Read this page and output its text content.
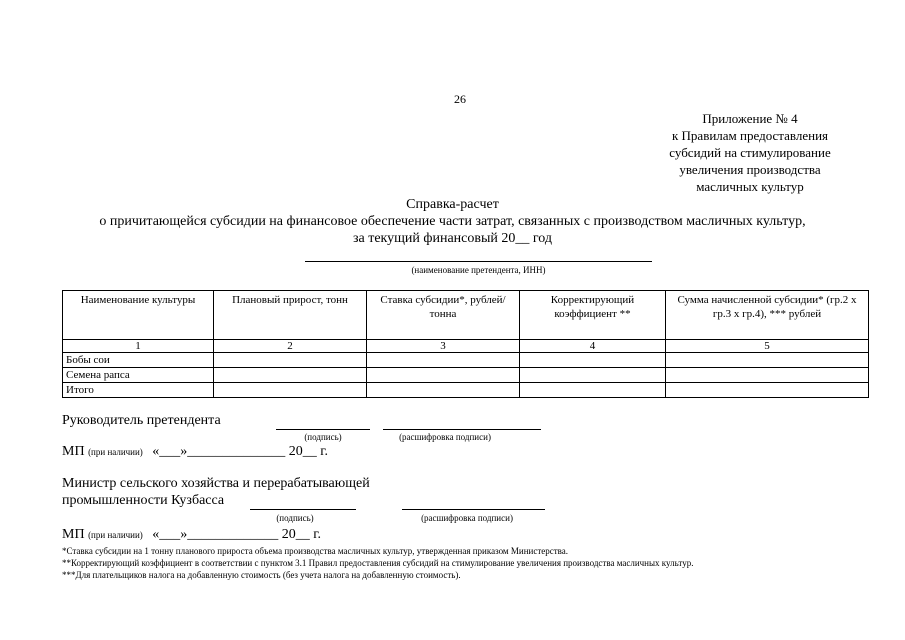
26
Приложение № 4
к Правилам предоставления
субсидий на стимулирование
увеличения производства
масличных культур
Справка-расчет
о причитающейся субсидии на финансовое обеспечение части затрат, связанных с производством масличных культур,
за текущий финансовый 20__ год
(наименование претендента, ИНН)
Наименование культуры	Плановый прирост, тонн	Ставка субсидии*, рублей/тонна	Корректирующий коэффициент **	Сумма начисленной субсидии* (гр.2 х гр.3 х гр.4), *** рублей
1	2	3	4	5
Бобы сои				
Семена рапса				
Итого				
Руководитель претендента
(подпись)	(расшифровка подписи)
МП (при наличии) «___»______________ 20__ г.
Министр сельского хозяйства и перерабатывающей
промышленности Кузбасса
(подпись)	(расшифровка подписи)
МП (при наличии) «___»_____________ 20__ г.
*Ставка субсидии на 1 тонну планового прироста объема производства масличных культур, утвержденная приказом Министерства.
**Корректирующий коэффициент в соответствии с пунктом 3.1 Правил предоставления субсидий на стимулирование увеличения производства масличных культур.
***Для плательщиков налога на добавленную стоимость (без учета налога на добавленную стоимость).
